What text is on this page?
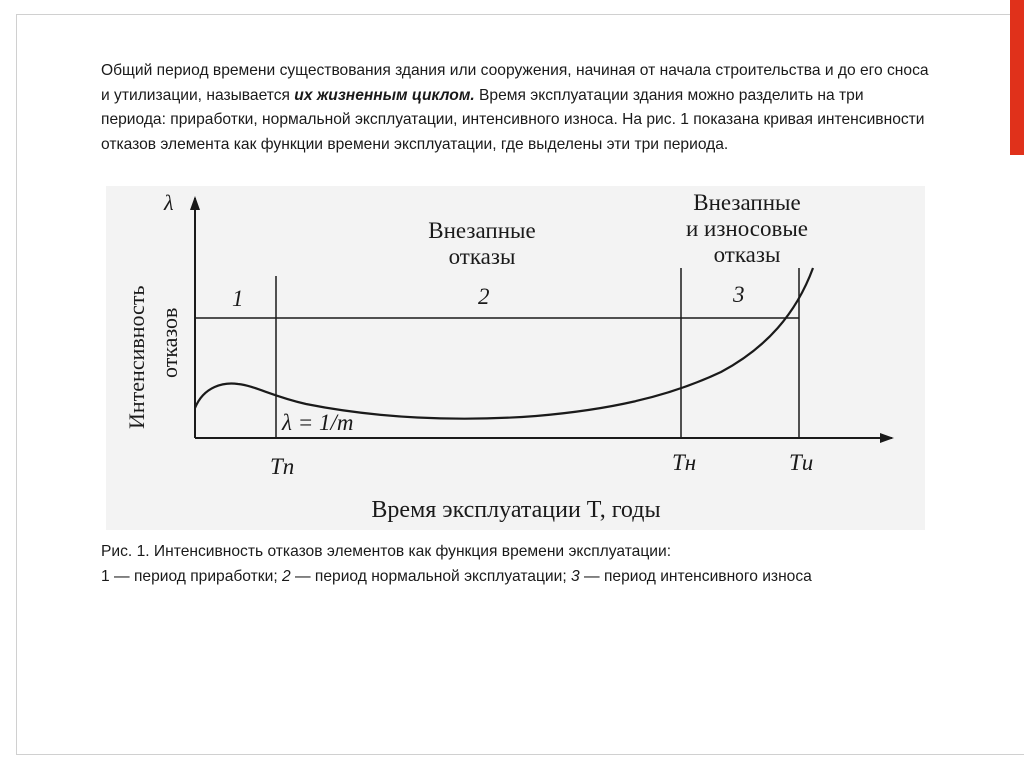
Общий период времени существования здания или сооружения, начиная от начала строительства и до его сноса и утилизации, называется их жизненным циклом. Время эксплуатации здания можно разделить на три периода: приработки, нормальной эксплуатации, интенсивного износа. На рис. 1 показана кривая интенсивности отказов элемента как функции времени эксплуатации, где выделены эти три периода.

λ
Интенсивность отказов
1	2	3
Внезапные
отказы
Внезапные
и износовые
отказы
λ = 1/m
Tп	Tн	Tи
Время эксплуатации T, годы

Рис. 1. Интенсивность отказов элементов как функция времени эксплуатации:
1 — период приработки; 2 — период нормальной эксплуатации; 3 — период интенсивного износа
